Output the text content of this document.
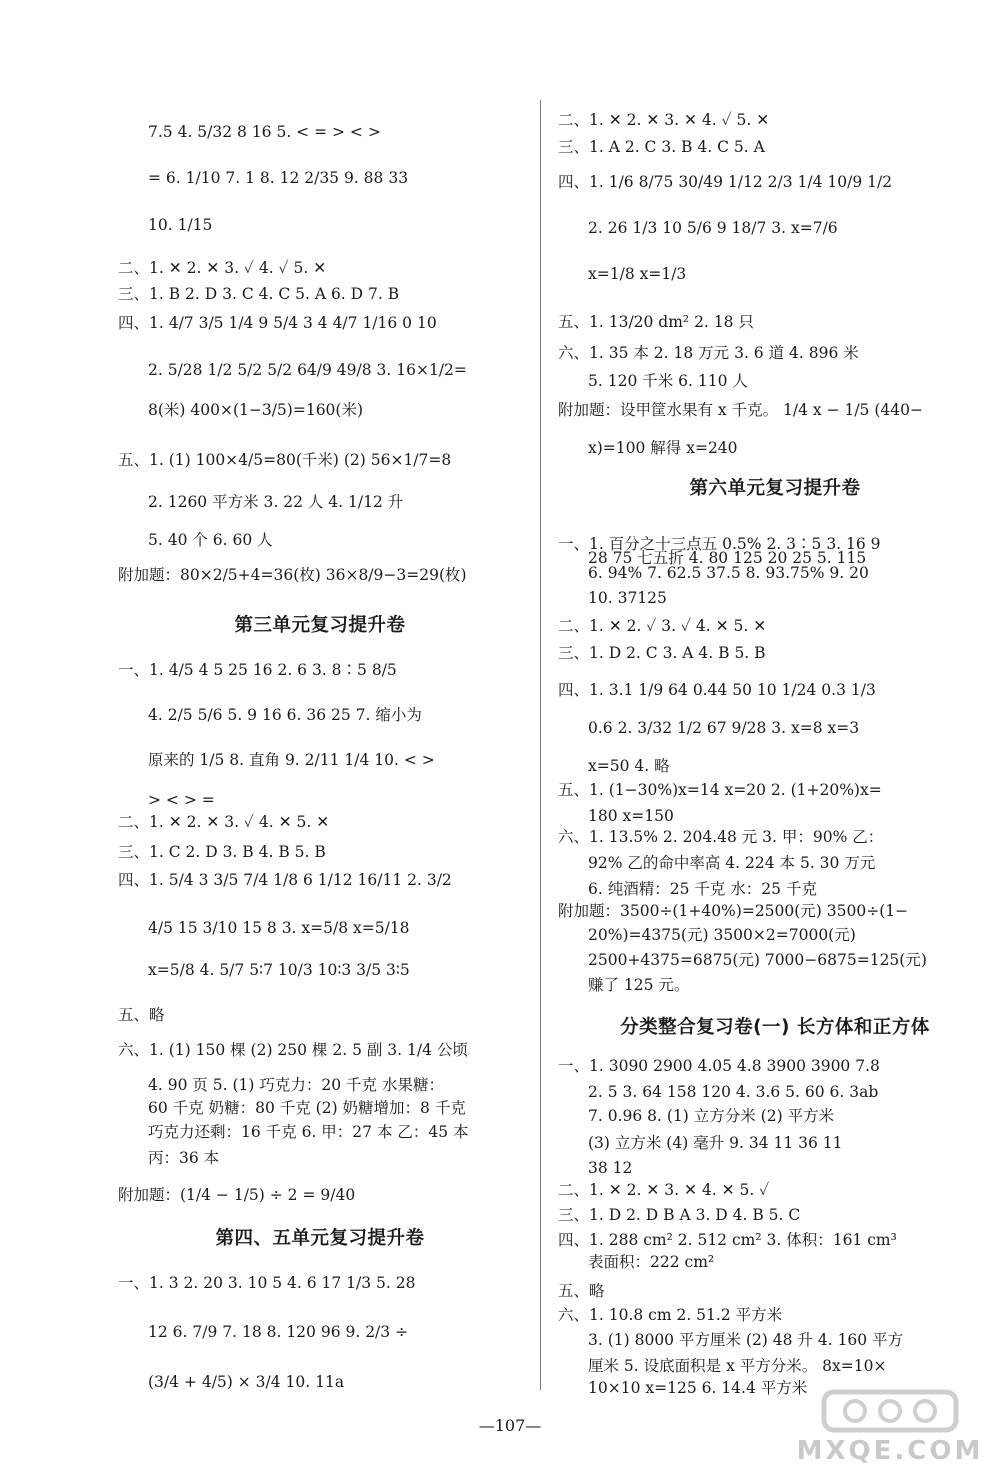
7.5 4. 5/32 8 16 5. < = > < >
= 6. 1/10 7. 1 8. 12 2/35 9. 88 33
10. 1/15
二、1. ✕ 2. ✕ 3. ✓ 4. ✓ 5. ✕
三、1. B 2. D 3. C 4. C 5. A 6. D 7. B
四、1. 4/7 3/5 1/4 9 5/4 3 4 4/7 1/16 0 10
2. 5/28 1/2 5/2 5/2 64/9 49/8 3. 16×1/2=
8(米) 400×(1−3/5)=160(米)
五、1. (1) 100×4/5=80(千米) (2) 56×1/7=8
2. 1260 平方米 3. 22 人 4. 1/12 升
5. 40 个 6. 60 人
附加题：80×2/5+4=36(枚) 36×8/9−3=29(枚)
一、1. 4/5 4 5 25 16 2. 6 3. 8∶5 8/5
4. 2/5 5/6 5. 9 16 6. 36 25 7. 缩小为
原来的 1/5 8. 直角 9. 2/11 1/4 10. < >
> < > =
二、1. ✕ 2. ✕ 3. ✓ 4. ✕ 5. ✕
三、1. C 2. D 3. B 4. B 5. B
四、1. 5/4 3 3/5 7/4 1/8 6 1/12 16/11 2. 3/2
4/5 15 3/10 15 8 3. x=5/8 x=5/18
x=5/8 4. 5/7 5∶7 10/3 10∶3 3/5 3∶5
五、略
六、1. (1) 150 棵 (2) 250 棵 2. 5 副 3. 1/4 公顷
4. 90 页 5. (1) 巧克力：20 千克 水果糖：
60 千克 奶糖：80 千克 (2) 奶糖增加：8 千克
巧克力还剩：16 千克 6. 甲：27 本 乙：45 本
丙：36 本
附加题：(1/4 − 1/5) ÷ 2 = 9/40
一、1. 3 2. 20 3. 10 5 4. 6 17 1/3 5. 28
12 6. 7/9 7. 18 8. 120 96 9. 2/3 ÷
(3/4 + 4/5) × 3/4 10. 11a
第三单元复习提升卷
第四、五单元复习提升卷
二、1. ✕ 2. ✕ 3. ✕ 4. ✓ 5. ✕
三、1. A 2. C 3. B 4. C 5. A
四、1. 1/6 8/75 30/49 1/12 2/3 1/4 10/9 1/2
2. 26 1/3 10 5/6 9 18/7 3. x=7/6
x=1/8 x=1/3
五、1. 13/20 dm² 2. 18 只
六、1. 35 本 2. 18 万元 3. 6 道 4. 896 米
5. 120 千米 6. 110 人
附加题：设甲筐水果有 x 千克。 1/4 x − 1/5 (440−
x)=100 解得 x=240
一、1. 百分之十三点五 0.5% 2. 3∶5 3. 16 9
28 75 七五折 4. 80 125 20 25 5. 115
6. 94% 7. 62.5 37.5 8. 93.75% 9. 20
10. 37125
二、1. ✕ 2. ✓ 3. ✓ 4. ✕ 5. ✕
三、1. D 2. C 3. A 4. B 5. B
四、1. 3.1 1/9 64 0.44 50 10 1/24 0.3 1/3
0.6 2. 3/32 1/2 67 9/28 3. x=8 x=3
x=50 4. 略
五、1. (1−30%)x=14 x=20 2. (1+20%)x=
180 x=150
六、1. 13.5% 2. 204.48 元 3. 甲：90% 乙：
92% 乙的命中率高 4. 224 本 5. 30 万元
6. 纯酒精：25 千克 水：25 千克
附加题：3500÷(1+40%)=2500(元) 3500÷(1−
20%)=4375(元) 3500×2=7000(元)
2500+4375=6875(元) 7000−6875=125(元)
赚了 125 元。
一、1. 3090 2900 4.05 4.8 3900 3900 7.8
2. 5 3. 64 158 120 4. 3.6 5. 60 6. 3ab
7. 0.96 8. (1) 立方分米 (2) 平方米
(3) 立方米 (4) 毫升 9. 34 11 36 11
38 12
二、1. ✕ 2. ✕ 3. ✕ 4. ✕ 5. ✓
三、1. D 2. D B A 3. D 4. B 5. C
四、1. 288 cm² 2. 512 cm² 3. 体积：161 cm³
表面积：222 cm²
五、略
六、1. 10.8 cm 2. 51.2 平方米
3. (1) 8000 平方厘米 (2) 48 升 4. 160 平方
厘米 5. 设底面积是 x 平方分米。 8x=10×
10×10 x=125 6. 14.4 平方米
第六单元复习提升卷
分类整合复习卷(一) 长方体和正方体
—107—
MXQE.COM
